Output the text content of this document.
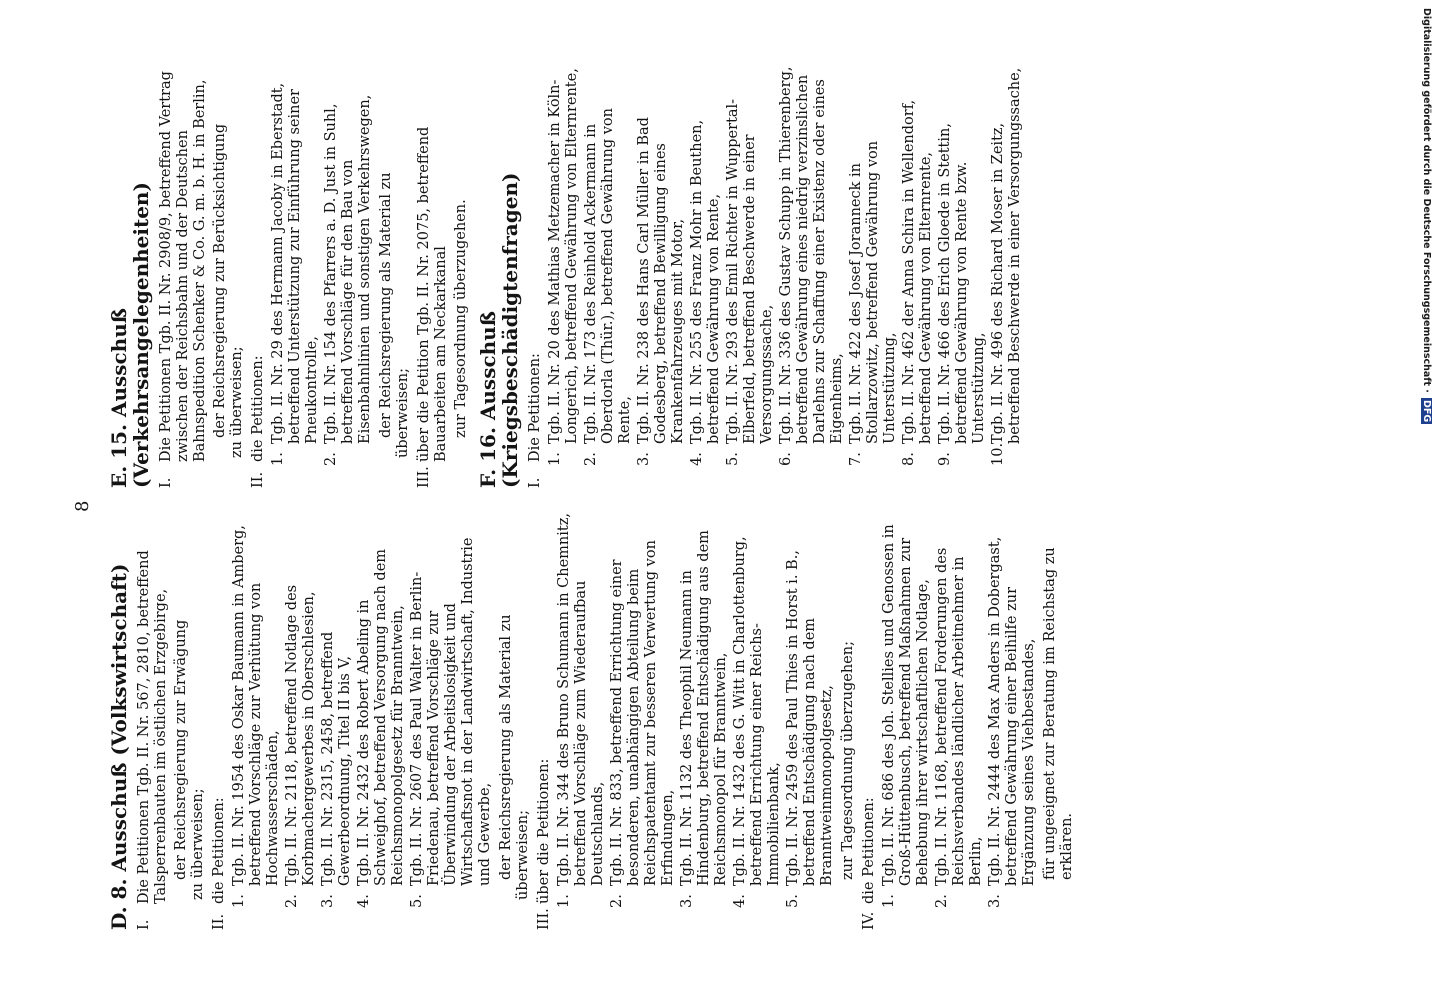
Digitalisierung gefördert durch die Deutsche Forschungsgemeinschaft · DFG
8
D. 8. Ausschuß (Volkswirtschaft) I.Die Petitionen Tgb. II. Nr. 567, 2810, betreffend Talsperrenbauten im östlichen Erzgebirge, der Reichsregierung zur Erwägung zu überweisen;
II.die Petitionen: 1.Tgb. II. Nr. 1954 des Oskar Baumann in Amberg, betreffend Vorschläge zur Verhütung von Hochwasserschäden,
2.Tgb. II. Nr. 2118, betreffend Notlage des Korbmachergewerbes in Oberschlesien,
3.Tgb. II. Nr. 2315, 2458, betreffend Gewerbeordnung, Titel II bis V,
4.Tgb. II. Nr. 2432 des Robert Abeling in Schweighof, betreffend Versorgung nach dem Reichsmonopolgesetz für Branntwein,
5.Tgb. II. Nr. 2607 des Paul Walter in Berlin-Friedenau, betreffend Vorschläge zur Überwindung der Arbeitslosigkeit und Wirtschaftsnot in der Landwirtschaft, Industrie und Gewerbe, der Reichsregierung als Material zu überweisen;
III.über die Petitionen: 1.Tgb. II. Nr. 344 des Bruno Schumann in Chemnitz, betreffend Vorschläge zum Wiederaufbau Deutschlands,
2.Tgb. II. Nr. 833, betreffend Errichtung einer besonderen, unabhängigen Abteilung beim Reichspatentamt zur besseren Verwertung von Erfindungen,
3.Tgb. II. Nr. 1132 des Theophil Neumann in Hindenburg, betreffend Entschädigung aus dem Reichsmonopol für Branntwein,
4.Tgb. II. Nr. 1432 des G. Witt in Charlottenburg, betreffend Errichtung einer Reichs-Immobilienbank,
5.Tgb. II. Nr. 2459 des Paul Thies in Horst i. B., betreffend Entschädigung nach dem Branntweinmonopolgesetz, zur Tagesordnung überzugehen;
IV.die Petitionen: 1.Tgb. II. Nr. 686 des Joh. Stellies und Genossen in Groß-Hüttenbusch, betreffend Maßnahmen zur Behebung ihrer wirtschaftlichen Notlage,
2.Tgb. II. Nr. 1168, betreffend Forderungen des Reichsverbandes ländlicher Arbeitnehmer in Berlin,
3.Tgb. II. Nr. 2444 des Max Anders in Dobergast, betreffend Gewährung einer Beihilfe zur Ergänzung seines Viehbestandes, für ungeeignet zur Beratung im Reichstag zu erklären.
E. 15. Ausschuß (Verkehrsangelegenheiten) I.Die Petitionen Tgb. II. Nr. 2908/9, betreffend Vertrag zwischen der Reichsbahn und der Deutschen Bahnspedition Schenker & Co. G. m. b. H. in Berlin, der Reichsregierung zur Berücksichtigung zu überweisen;
II.die Petitionen: 1.Tgb. II. Nr. 29 des Hermann Jacoby in Eberstadt, betreffend Unterstützung zur Einführung seiner Pneukontrolle,
2.Tgb. II. Nr. 154 des Pfarrers a. D. Just in Suhl, betreffend Vorschläge für den Bau von Eisenbahnlinien und sonstigen Verkehrswegen, der Reichsregierung als Material zu überweisen;
III.über die Petition Tgb. II. Nr. 2075, betreffend Bauarbeiten am Neckarkanal zur Tagesordnung überzugehen. F. 16. Ausschuß (Kriegsbeschädigtenfragen) I.Die Petitionen: 1.Tgb. II. Nr. 20 des Mathias Metzemacher in Köln-Longerich, betreffend Gewährung von Elternrente,
2.Tgb. II. Nr. 173 des Reinhold Ackermann in Oberdorla (Thür.), betreffend Gewährung von Rente,
3.Tgb. II. Nr. 238 des Hans Carl Müller in Bad Godesberg, betreffend Bewilligung eines Krankenfahrzeuges mit Motor,
4.Tgb. II. Nr. 255 des Franz Mohr in Beuthen, betreffend Gewährung von Rente,
5.Tgb. II. Nr. 293 des Emil Richter in Wuppertal-Elberfeld, betreffend Beschwerde in einer Versorgungssache,
6.Tgb. II. Nr. 336 des Gustav Schupp in Thierenberg, betreffend Gewährung eines niedrig verzinslichen Darlehns zur Schaffung einer Existenz oder eines Eigenheims,
7.Tgb. II. Nr. 422 des Josef Joranneck in Stollarzowitz, betreffend Gewährung von Unterstützung,
8.Tgb. II. Nr. 462 der Anna Schira in Wellendorf, betreffend Gewährung von Elternrente,
9.Tgb. II. Nr. 466 des Erich Gloede in Stettin, betreffend Gewährung von Rente bzw. Unterstützung,
10.Tgb. II. Nr. 496 des Richard Moser in Zeitz, betreffend Beschwerde in einer Versorgungssache,
